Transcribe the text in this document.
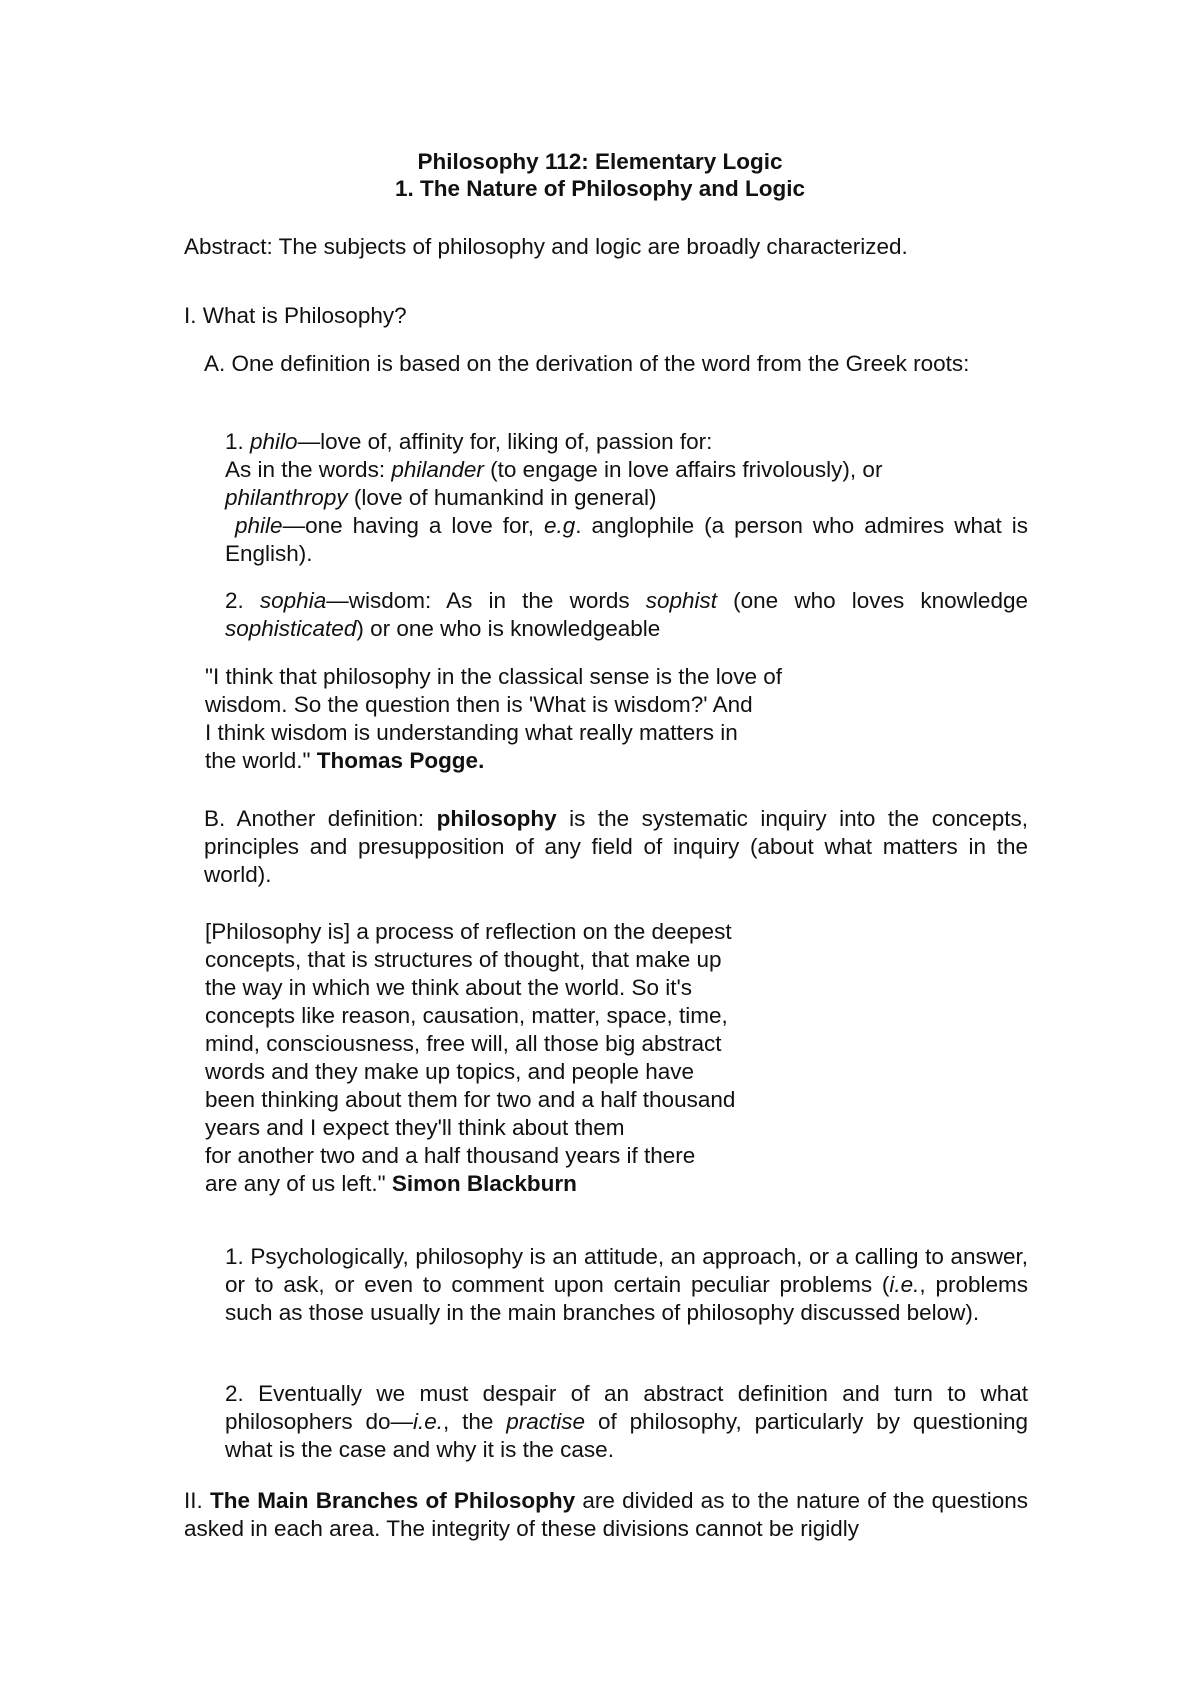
Philosophy 112: Elementary Logic
1. The Nature of Philosophy and Logic
Abstract: The subjects of philosophy and logic are broadly characterized.
I. What is Philosophy?

A. One definition is based on the derivation of the word from the Greek roots:

1. philo—love of, affinity for, liking of, passion for:
As in the words: philander (to engage in love affairs frivolously), or
philanthropy (love of humankind in general)
phile—one having a love for, e.g. anglophile (a person who admires what is English).

2. sophia—wisdom: As in the words sophist (one who loves knowledge sophisticated) or one who is knowledgeable

"I think that philosophy in the classical sense is the love of
wisdom. So the question then is 'What is wisdom?' And
I think wisdom is understanding what really matters in
the world." Thomas Pogge.

B. Another definition: philosophy is the systematic inquiry into the concepts, principles and presupposition of any field of inquiry (about what matters in the world).

[Philosophy is] a process of reflection on the deepest
concepts, that is structures of thought, that make up
the way in which we think about the world. So it's
concepts like reason, causation, matter, space, time,
mind, consciousness, free will, all those big abstract
words and they make up topics, and people have
been thinking about them for two and a half thousand
years and I expect they'll think about them
for another two and a half thousand years if there
are any of us left." Simon Blackburn

1. Psychologically, philosophy is an attitude, an approach, or a calling to answer, or to ask, or even to comment upon certain peculiar problems (i.e., problems such as those usually in the main branches of philosophy discussed below).

2. Eventually we must despair of an abstract definition and turn to what philosophers do—i.e., the practise of philosophy, particularly by questioning what is the case and why it is the case.

II. The Main Branches of Philosophy are divided as to the nature of the questions asked in each area. The integrity of these divisions cannot be rigidly
